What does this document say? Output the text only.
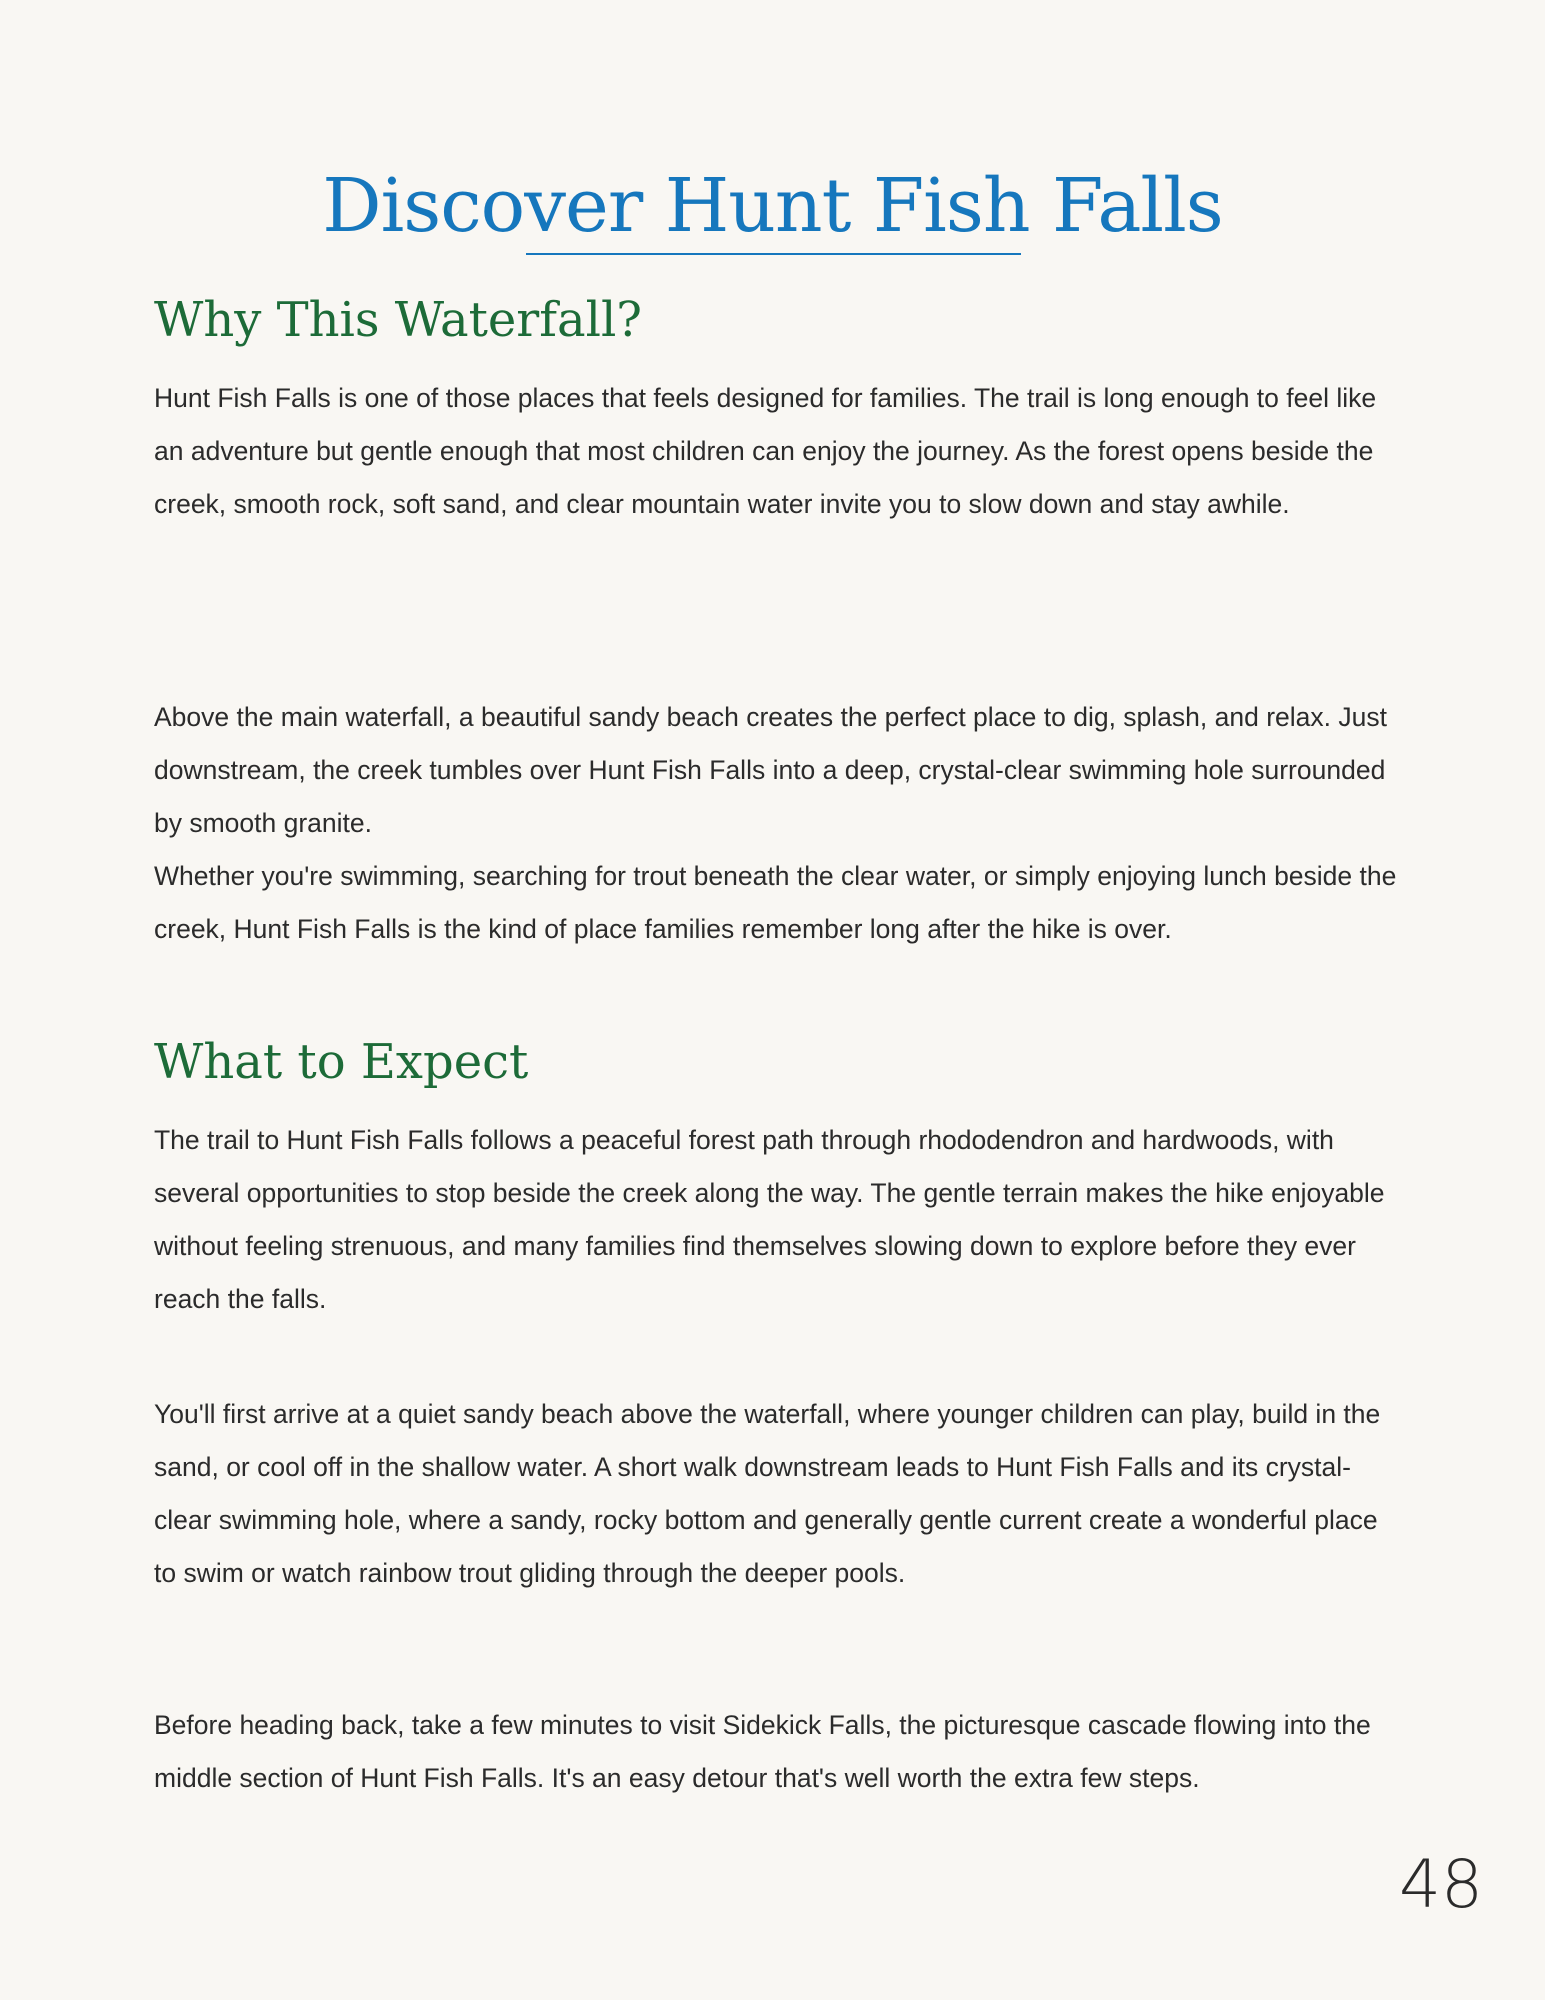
Discover Hunt Fish Falls
Why This Waterfall?

Hunt Fish Falls is one of those places that feels designed for families. The trail is long enough to feel like an adventure but gentle enough that most children can enjoy the journey. As the forest opens beside the creek, smooth rock, soft sand, and clear mountain water invite you to slow down and stay awhile.

Above the main waterfall, a beautiful sandy beach creates the perfect place to dig, splash, and relax. Just downstream, the creek tumbles over Hunt Fish Falls into a deep, crystal-clear swimming hole surrounded by smooth granite.

Whether you're swimming, searching for trout beneath the clear water, or simply enjoying lunch beside the creek, Hunt Fish Falls is the kind of place families remember long after the hike is over.

What to Expect

The trail to Hunt Fish Falls follows a peaceful forest path through rhododendron and hardwoods, with several opportunities to stop beside the creek along the way. The gentle terrain makes the hike enjoyable without feeling strenuous, and many families find themselves slowing down to explore before they ever reach the falls.

You'll first arrive at a quiet sandy beach above the waterfall, where younger children can play, build in the sand, or cool off in the shallow water. A short walk downstream leads to Hunt Fish Falls and its crystal-clear swimming hole, where a sandy, rocky bottom and generally gentle current create a wonderful place to swim or watch rainbow trout gliding through the deeper pools.

Before heading back, take a few minutes to visit Sidekick Falls, the picturesque cascade flowing into the middle section of Hunt Fish Falls. It's an easy detour that's well worth the extra few steps.

48
